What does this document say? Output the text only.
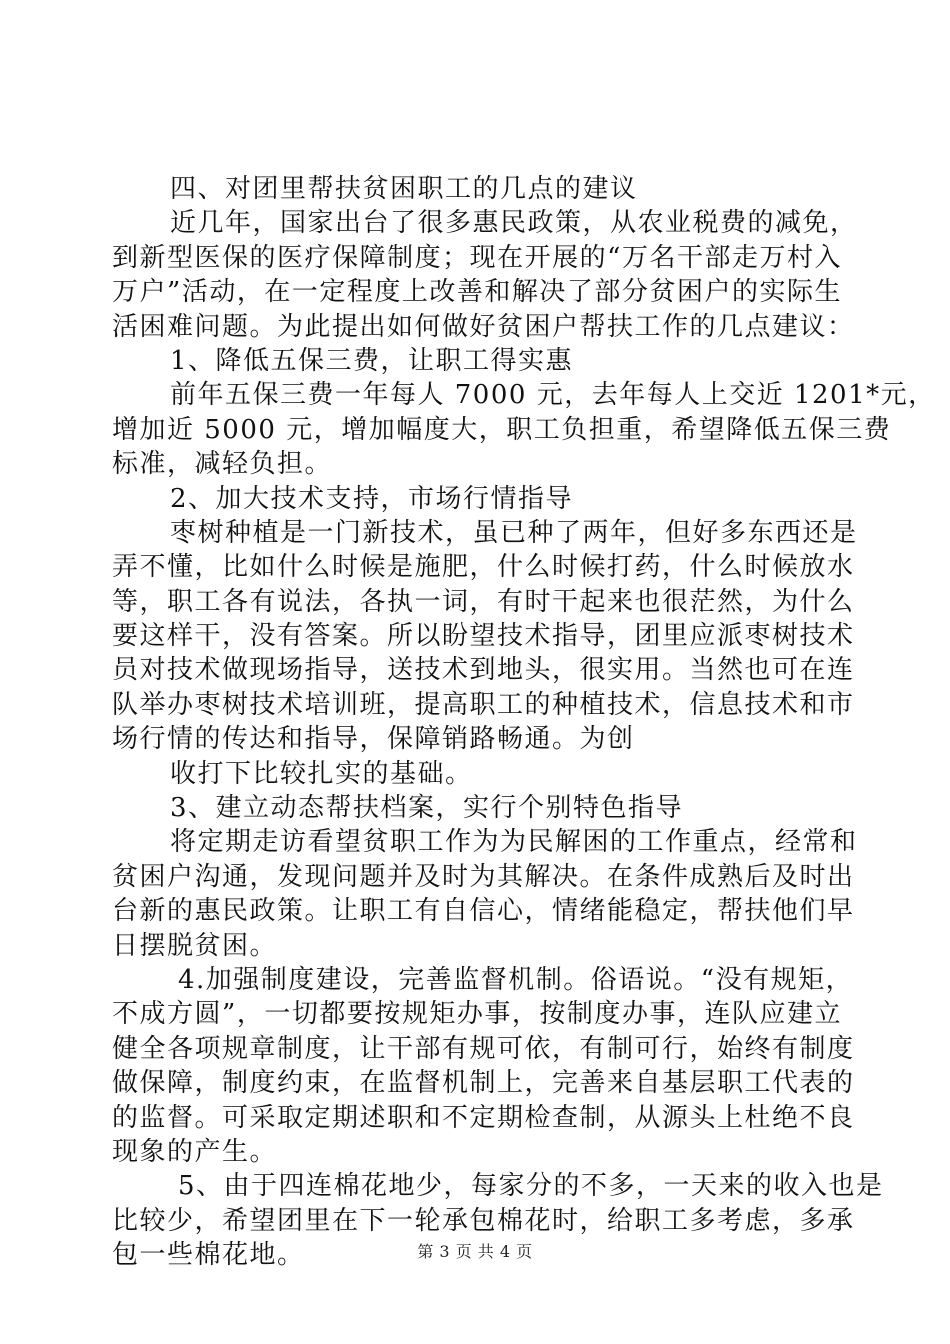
四、对团里帮扶贫困职工的几点的建议
近几年，国家出台了很多惠民政策，从农业税费的减免，
到新型医保的医疗保障制度；现在开展的“万名干部走万村入
万户”活动，在一定程度上改善和解决了部分贫困户的实际生
活困难问题。为此提出如何做好贫困户帮扶工作的几点建议：
1、降低五保三费，让职工得实惠
前年五保三费一年每人 7000 元，去年每人上交近 1201*元，
增加近 5000 元，增加幅度大，职工负担重，希望降低五保三费
标准，减轻负担。
2、加大技术支持，市场行情指导
枣树种植是一门新技术，虽已种了两年，但好多东西还是
弄不懂，比如什么时候是施肥，什么时候打药，什么时候放水
等，职工各有说法，各执一词，有时干起来也很茫然，为什么
要这样干，没有答案。所以盼望技术指导，团里应派枣树技术
员对技术做现场指导，送技术到地头，很实用。当然也可在连
队举办枣树技术培训班，提高职工的种植技术，信息技术和市
场行情的传达和指导，保障销路畅通。为创
收打下比较扎实的基础。
3、建立动态帮扶档案，实行个别特色指导
将定期走访看望贫职工作为为民解困的工作重点，经常和
贫困户沟通，发现问题并及时为其解决。在条件成熟后及时出
台新的惠民政策。让职工有自信心，情绪能稳定，帮扶他们早
日摆脱贫困。
4.加强制度建设，完善监督机制。俗语说。“没有规矩，
不成方圆”，一切都要按规矩办事，按制度办事，连队应建立
健全各项规章制度，让干部有规可依，有制可行，始终有制度
做保障，制度约束，在监督机制上，完善来自基层职工代表的
的监督。可采取定期述职和不定期检查制，从源头上杜绝不良
现象的产生。
5、由于四连棉花地少，每家分的不多，一天来的收入也是
比较少，希望团里在下一轮承包棉花时，给职工多考虑，多承
包一些棉花地。	第 3 页 共 4 页
